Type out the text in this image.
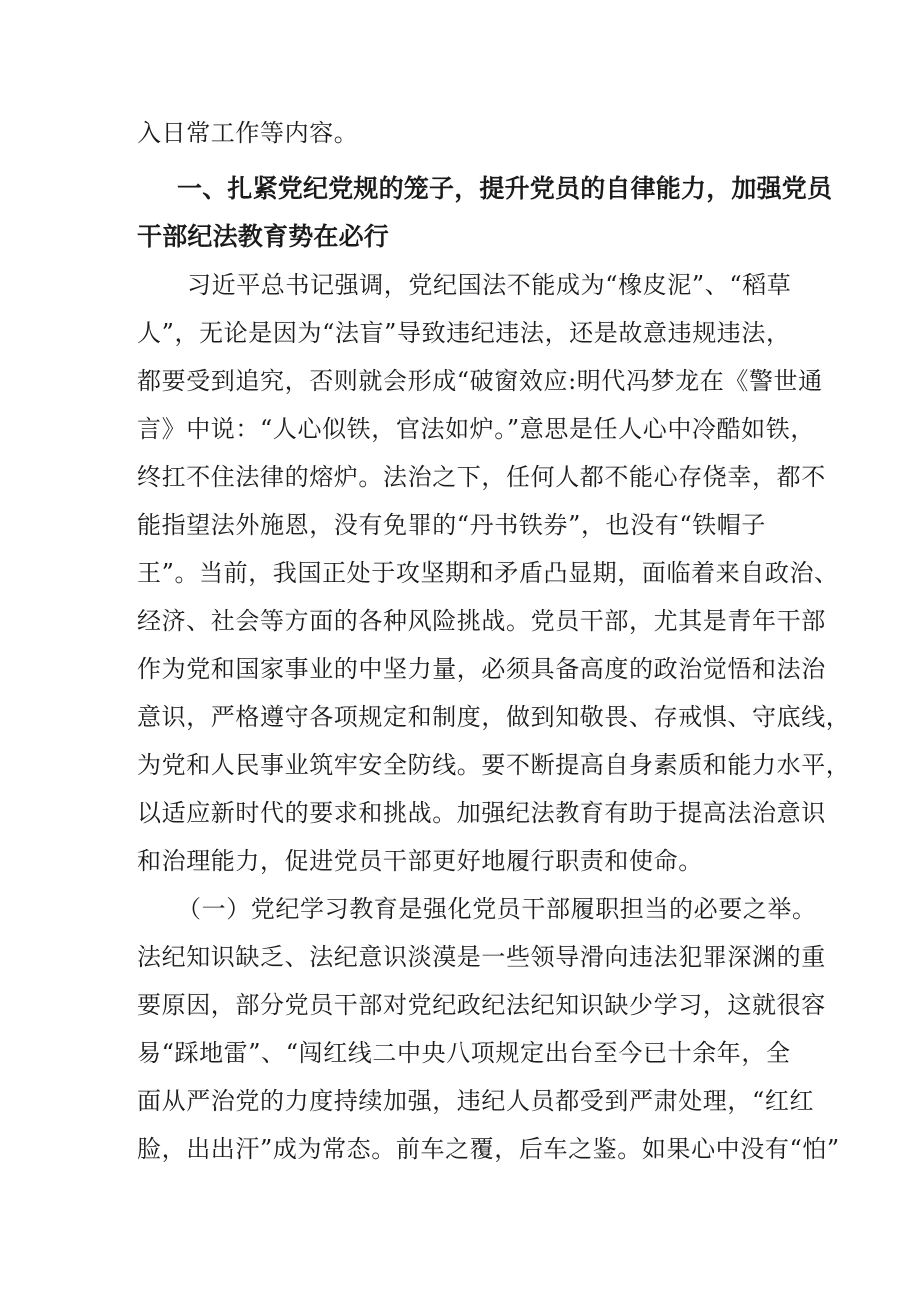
入日常工作等内容。
一、扎紧党纪党规的笼子，提升党员的自律能力，加强党员
干部纪法教育势在必行
习近平总书记强调，党纪国法不能成为“橡皮泥”、“稻草
人”，无论是因为“法盲”导致违纪违法，还是故意违规违法，
都要受到追究，否则就会形成“破窗效应:明代冯梦龙在《警世通
言》中说：“人心似铁，官法如炉。”意思是任人心中冷酷如铁，
终扛不住法律的熔炉。法治之下，任何人都不能心存侥幸，都不
能指望法外施恩，没有免罪的“丹书铁券”，也没有“铁帽子
王”。当前，我国正处于攻坚期和矛盾凸显期，面临着来自政治、
经济、社会等方面的各种风险挑战。党员干部，尤其是青年干部
作为党和国家事业的中坚力量，必须具备高度的政治觉悟和法治
意识，严格遵守各项规定和制度，做到知敬畏、存戒惧、守底线，
为党和人民事业筑牢安全防线。要不断提高自身素质和能力水平，
以适应新时代的要求和挑战。加强纪法教育有助于提高法治意识
和治理能力，促进党员干部更好地履行职责和使命。
（一）党纪学习教育是强化党员干部履职担当的必要之举。
法纪知识缺乏、法纪意识淡漠是一些领导滑向违法犯罪深渊的重
要原因，部分党员干部对党纪政纪法纪知识缺少学习，这就很容
易“踩地雷”、“闯红线二中央八项规定出台至今已十余年，全
面从严治党的力度持续加强，违纪人员都受到严肃处理，“红红
脸，出出汗”成为常态。前车之覆，后车之鉴。如果心中没有“怕”
